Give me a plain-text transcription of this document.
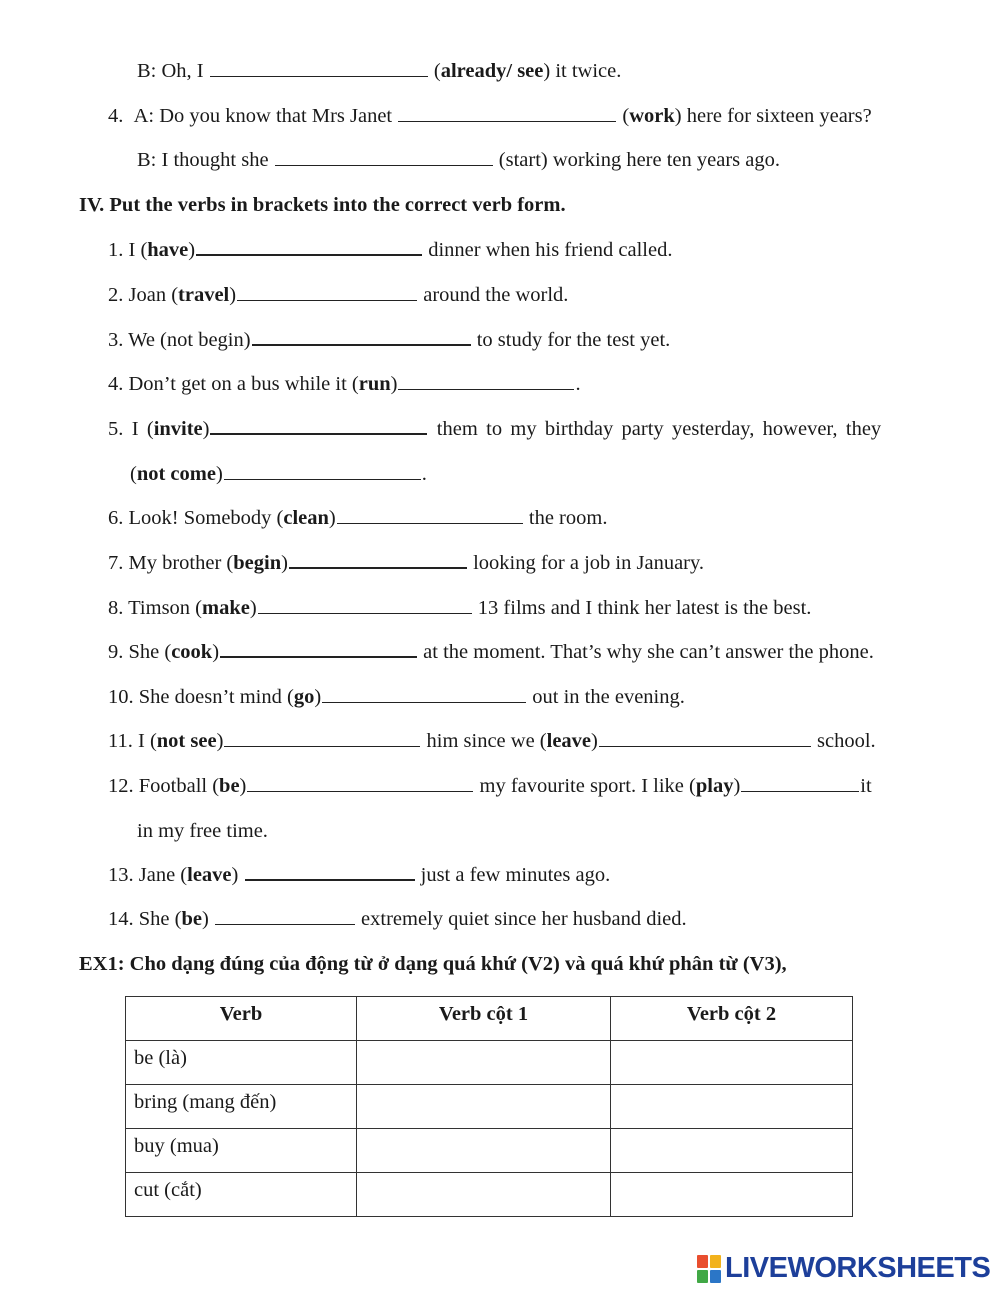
B: Oh, I	(already/ see) it twice.
4. A: Do you know that Mrs Janet	(work) here for sixteen years?
B: I thought she	(start) working here ten years ago.
IV. Put the verbs in brackets into the correct verb form.
1. I (have)	dinner when his friend called.
2. Joan (travel)	around the world.
3. We (not begin)	to study for the test yet.
4. Don’t get on a bus while it (run)	.
5. I (invite)	them to my birthday party yesterday, however, they
(not come)	.
6. Look! Somebody (clean)	the room.
7. My brother (begin)	looking for a job in January.
8. Timson (make)	13 films and I think her latest is the best.
9. She (cook)	at the moment. That’s why she can’t answer the phone.
10. She doesn’t mind (go)	out in the evening.
11. I (not see)	him since we (leave)	school.
12. Football (be)	my favourite sport. I like (play)	it
in my free time.
13. Jane (leave)	just a few minutes ago.
14. She (be)	extremely quiet since her husband died.
EX1: Cho dạng đúng của động từ ở dạng quá khứ (V2) và quá khứ phân từ (V3),
Verb	Verb cột 1	Verb cột 2
be (là)		
bring (mang đến)		
buy (mua)		
cut (cắt)		
LIVEWORKSHEETS
